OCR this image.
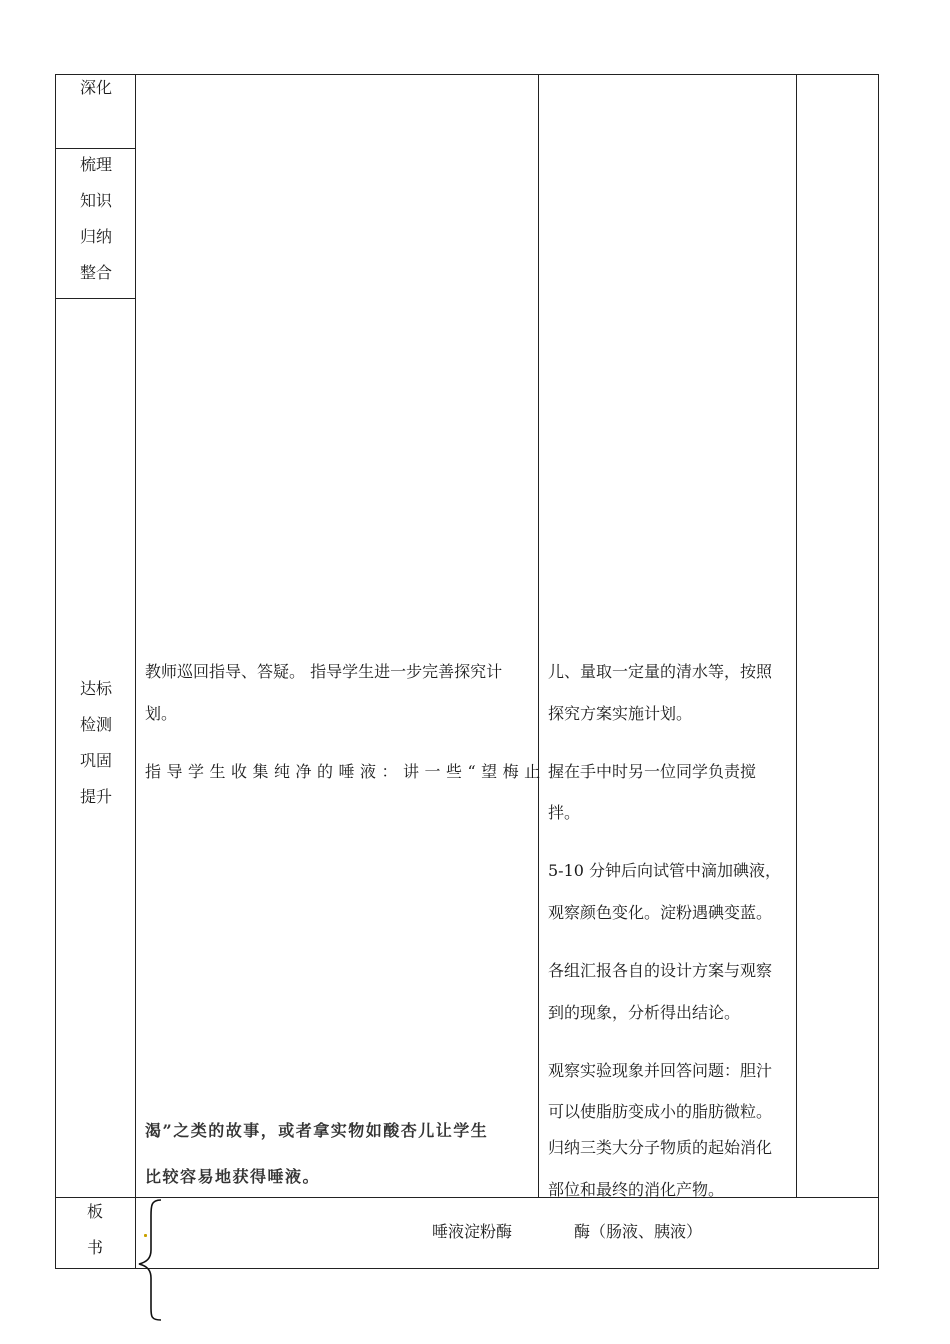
深化
梳理
知识
归纳
整合
达标
检测
巩固
提升
板
书
教师巡回指导、答疑。 指导学生进一步完善探究计
划。
指导学生收集纯净的唾液：讲一些“望梅止
渴”之类的故事，或者拿实物如酸杏儿让学生
比较容易地获得唾液。
儿、量取一定量的清水等，按照
探究方案实施计划。
握在手中时另一位同学负责搅
拌。
5-10 分钟后向试管中滴加碘液，
观察颜色变化。淀粉遇碘变蓝。
各组汇报各自的设计方案与观察
到的现象，分析得出结论。
观察实验现象并回答问题：胆汁
可以使脂肪变成小的脂肪微粒。
归纳三类大分子物质的起始消化
部位和最终的消化产物。
唾液淀粉酶	酶（肠液、胰液）
